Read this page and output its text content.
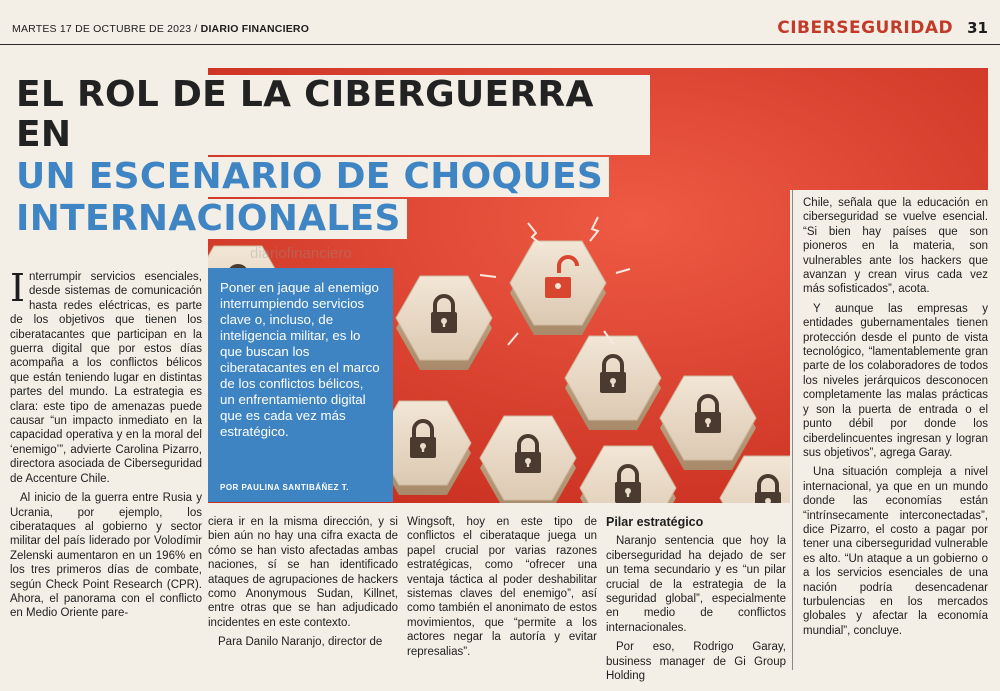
MARTES 17 DE OCTUBRE DE 2023 / DIARIO FINANCIERO	CIBERSEGURIDAD 31
diariofinanciero
EL ROL DE LA CIBERGUERRA EN
UN ESCENARIO DE CHOQUES
INTERNACIONALES
Poner en jaque al enemigo interrumpiendo servicios clave o, incluso, de inteligencia militar, es lo que buscan los ciberatacantes en el marco de los conflictos bélicos, un enfrentamiento digital que es cada vez más estratégico.
POR PAULINA SANTIBÁÑEZ T.

Interrumpir servicios esenciales, desde sistemas de comunicación hasta redes eléctricas, es parte de los objetivos que tienen los ciberatacantes que participan en la guerra digital que por estos días acompaña a los conflictos bélicos que están teniendo lugar en distintas partes del mundo. La estrategia es clara: este tipo de amenazas puede causar “un impacto inmediato en la capacidad operativa y en la moral del ‘enemigo’”, advierte Carolina Pizarro, directora asociada de Ciberseguridad de Accenture Chile.

Al inicio de la guerra entre Rusia y Ucrania, por ejemplo, los ciberataques al gobierno y sector militar del país liderado por Volodímir Zelenski aumentaron en un 196% en los tres primeros días de combate, según Check Point Research (CPR). Ahora, el panorama con el conflicto en Medio Oriente pare-

ciera ir en la misma dirección, y si bien aún no hay una cifra exacta de cómo se han visto afectadas ambas naciones, sí se han identificado ataques de agrupaciones de hackers como Anonymous Sudan, Killnet, entre otras que se han adjudicado incidentes en este contexto.

Para Danilo Naranjo, director de

Wingsoft, hoy en este tipo de conflictos el ciberataque juega un papel crucial por varias razones estratégicas, como “ofrecer una ventaja táctica al poder deshabilitar sistemas claves del enemigo”, así como también el anonimato de estos movimientos, que “permite a los actores negar la autoría y evitar represalias”.

Pilar estratégico

Naranjo sentencia que hoy la ciberseguridad ha dejado de ser un tema secundario y es “un pilar crucial de la estrategia de la seguridad global”, especialmente en medio de conflictos internacionales.

Por eso, Rodrigo Garay, business manager de Gi Group Holding

Chile, señala que la educación en ciberseguridad se vuelve esencial. “Si bien hay países que son pioneros en la materia, son vulnerables ante los hackers que avanzan y crean virus cada vez más sofisticados”, acota.

Y aunque las empresas y entidades gubernamentales tienen protección desde el punto de vista tecnológico, “lamentablemente gran parte de los colaboradores de todos los niveles jerárquicos desconocen completamente las malas prácticas y son la puerta de entrada o el punto débil por donde los ciberdelincuentes ingresan y logran sus objetivos”, agrega Garay.

Una situación compleja a nivel internacional, ya que en un mundo donde las economías están “intrínsecamente interconectadas”, dice Pizarro, el costo a pagar por tener una ciberseguridad vulnerable es alto. “Un ataque a un gobierno o a los servicios esenciales de una nación podría desencadenar turbulencias en los mercados globales y afectar la economía mundial”, concluye.
